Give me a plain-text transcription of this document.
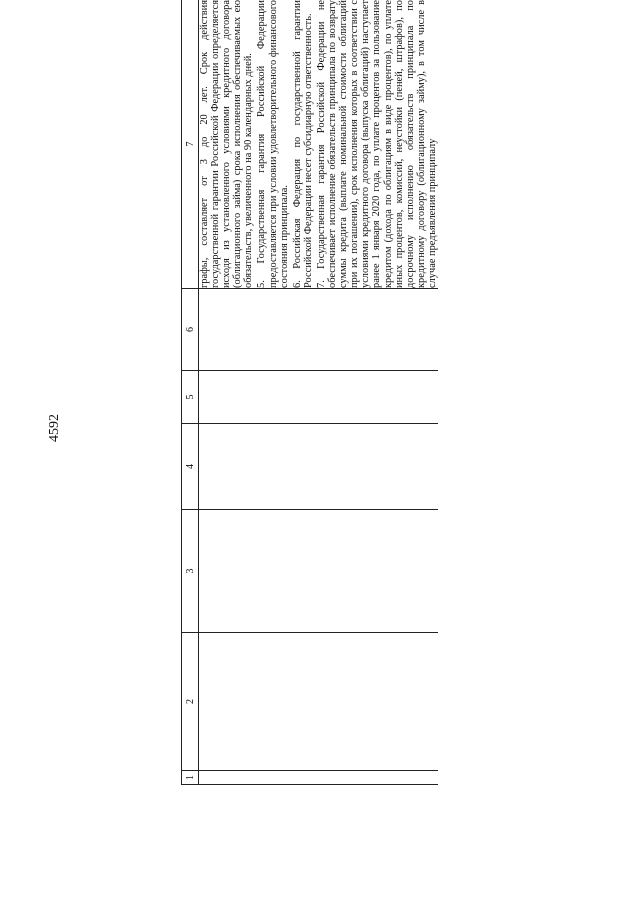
4592
1	2	3	4	5	6	7

						графы, составляет от 3 до 20 лет. Срок действия государственной гарантии Российской Федерации определяется исходя из установленного условиями кредитного договора (облигационного займа) срока исполнения обеспечиваемых ею обязательств, увеличенного на 90 календарных дней. 5. Государственная гарантия Российской Федерации предоставляется при условии удовлетворительного финансового состояния принципала. 6. Российская Федерация по государственной гарантии Российской Федерации несет субсидиарную ответственность. 7. Государственная гарантия Российской Федерации не обеспечивает исполнение обязательств принципала по возврату суммы кредита (выплате номинальной стоимости облигаций при их погашении), срок исполнения которых в соответствии с условиями кредитного договора (выпуска облигаций) наступает ранее 1 января 2020 года, по уплате процентов за пользование кредитом (дохода по облигациям в виде процентов), по уплате иных процентов, комиссий, неустойки (пеней, штрафов), по досрочному исполнению обязательств принципала по кредитному договору (облигационному займу), в том числе в случае предъявления принципалу
